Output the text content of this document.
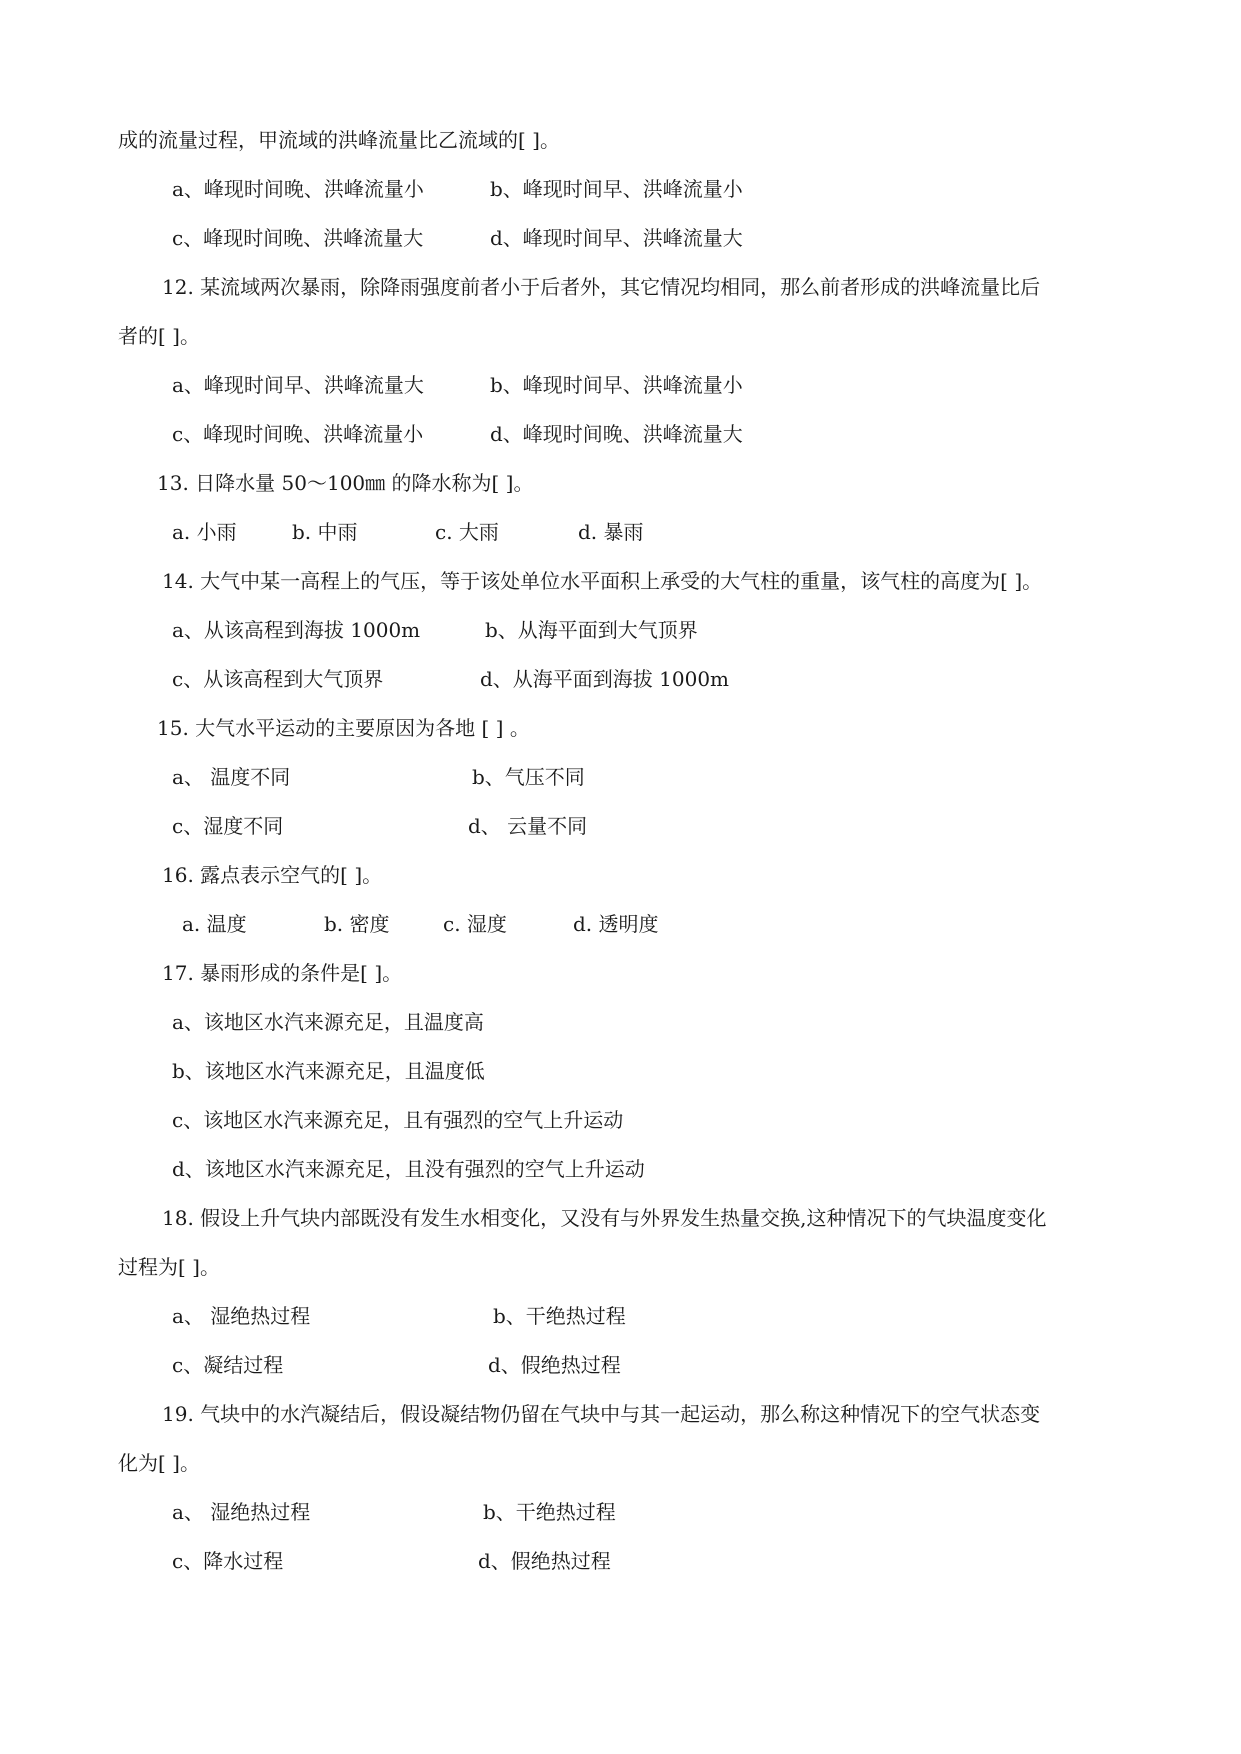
成的流量过程，甲流域的洪峰流量比乙流域的[ ]。
a、峰现时间晚、洪峰流量小	b、峰现时间早、洪峰流量小
c、峰现时间晚、洪峰流量大	d、峰现时间早、洪峰流量大
12. 某流域两次暴雨，除降雨强度前者小于后者外，其它情况均相同，那么前者形成的洪峰流量比后
者的[ ]。
a、峰现时间早、洪峰流量大	b、峰现时间早、洪峰流量小
c、峰现时间晚、洪峰流量小	d、峰现时间晚、洪峰流量大
13. 日降水量 50～100㎜ 的降水称为[ ]。
a. 小雨	b. 中雨	c. 大雨	d. 暴雨
14. 大气中某一高程上的气压，等于该处单位水平面积上承受的大气柱的重量，该气柱的高度为[ ]。
a、从该高程到海拔 1000m	b、从海平面到大气顶界
c、从该高程到大气顶界	d、从海平面到海拔 1000m
15. 大气水平运动的主要原因为各地 [ ] 。
a、 温度不同	b、气压不同
c、湿度不同	d、 云量不同
16. 露点表示空气的[ ]。
a. 温度	b. 密度	c. 湿度	d. 透明度
17. 暴雨形成的条件是[ ]。
a、该地区水汽来源充足，且温度高
b、该地区水汽来源充足，且温度低
c、该地区水汽来源充足，且有强烈的空气上升运动
d、该地区水汽来源充足，且没有强烈的空气上升运动
18. 假设上升气块内部既没有发生水相变化，又没有与外界发生热量交换,这种情况下的气块温度变化
过程为[ ]。
a、 湿绝热过程	b、干绝热过程
c、凝结过程	d、假绝热过程
19. 气块中的水汽凝结后，假设凝结物仍留在气块中与其一起运动，那么称这种情况下的空气状态变
化为[ ]。
a、 湿绝热过程	b、干绝热过程
c、降水过程	d、假绝热过程
